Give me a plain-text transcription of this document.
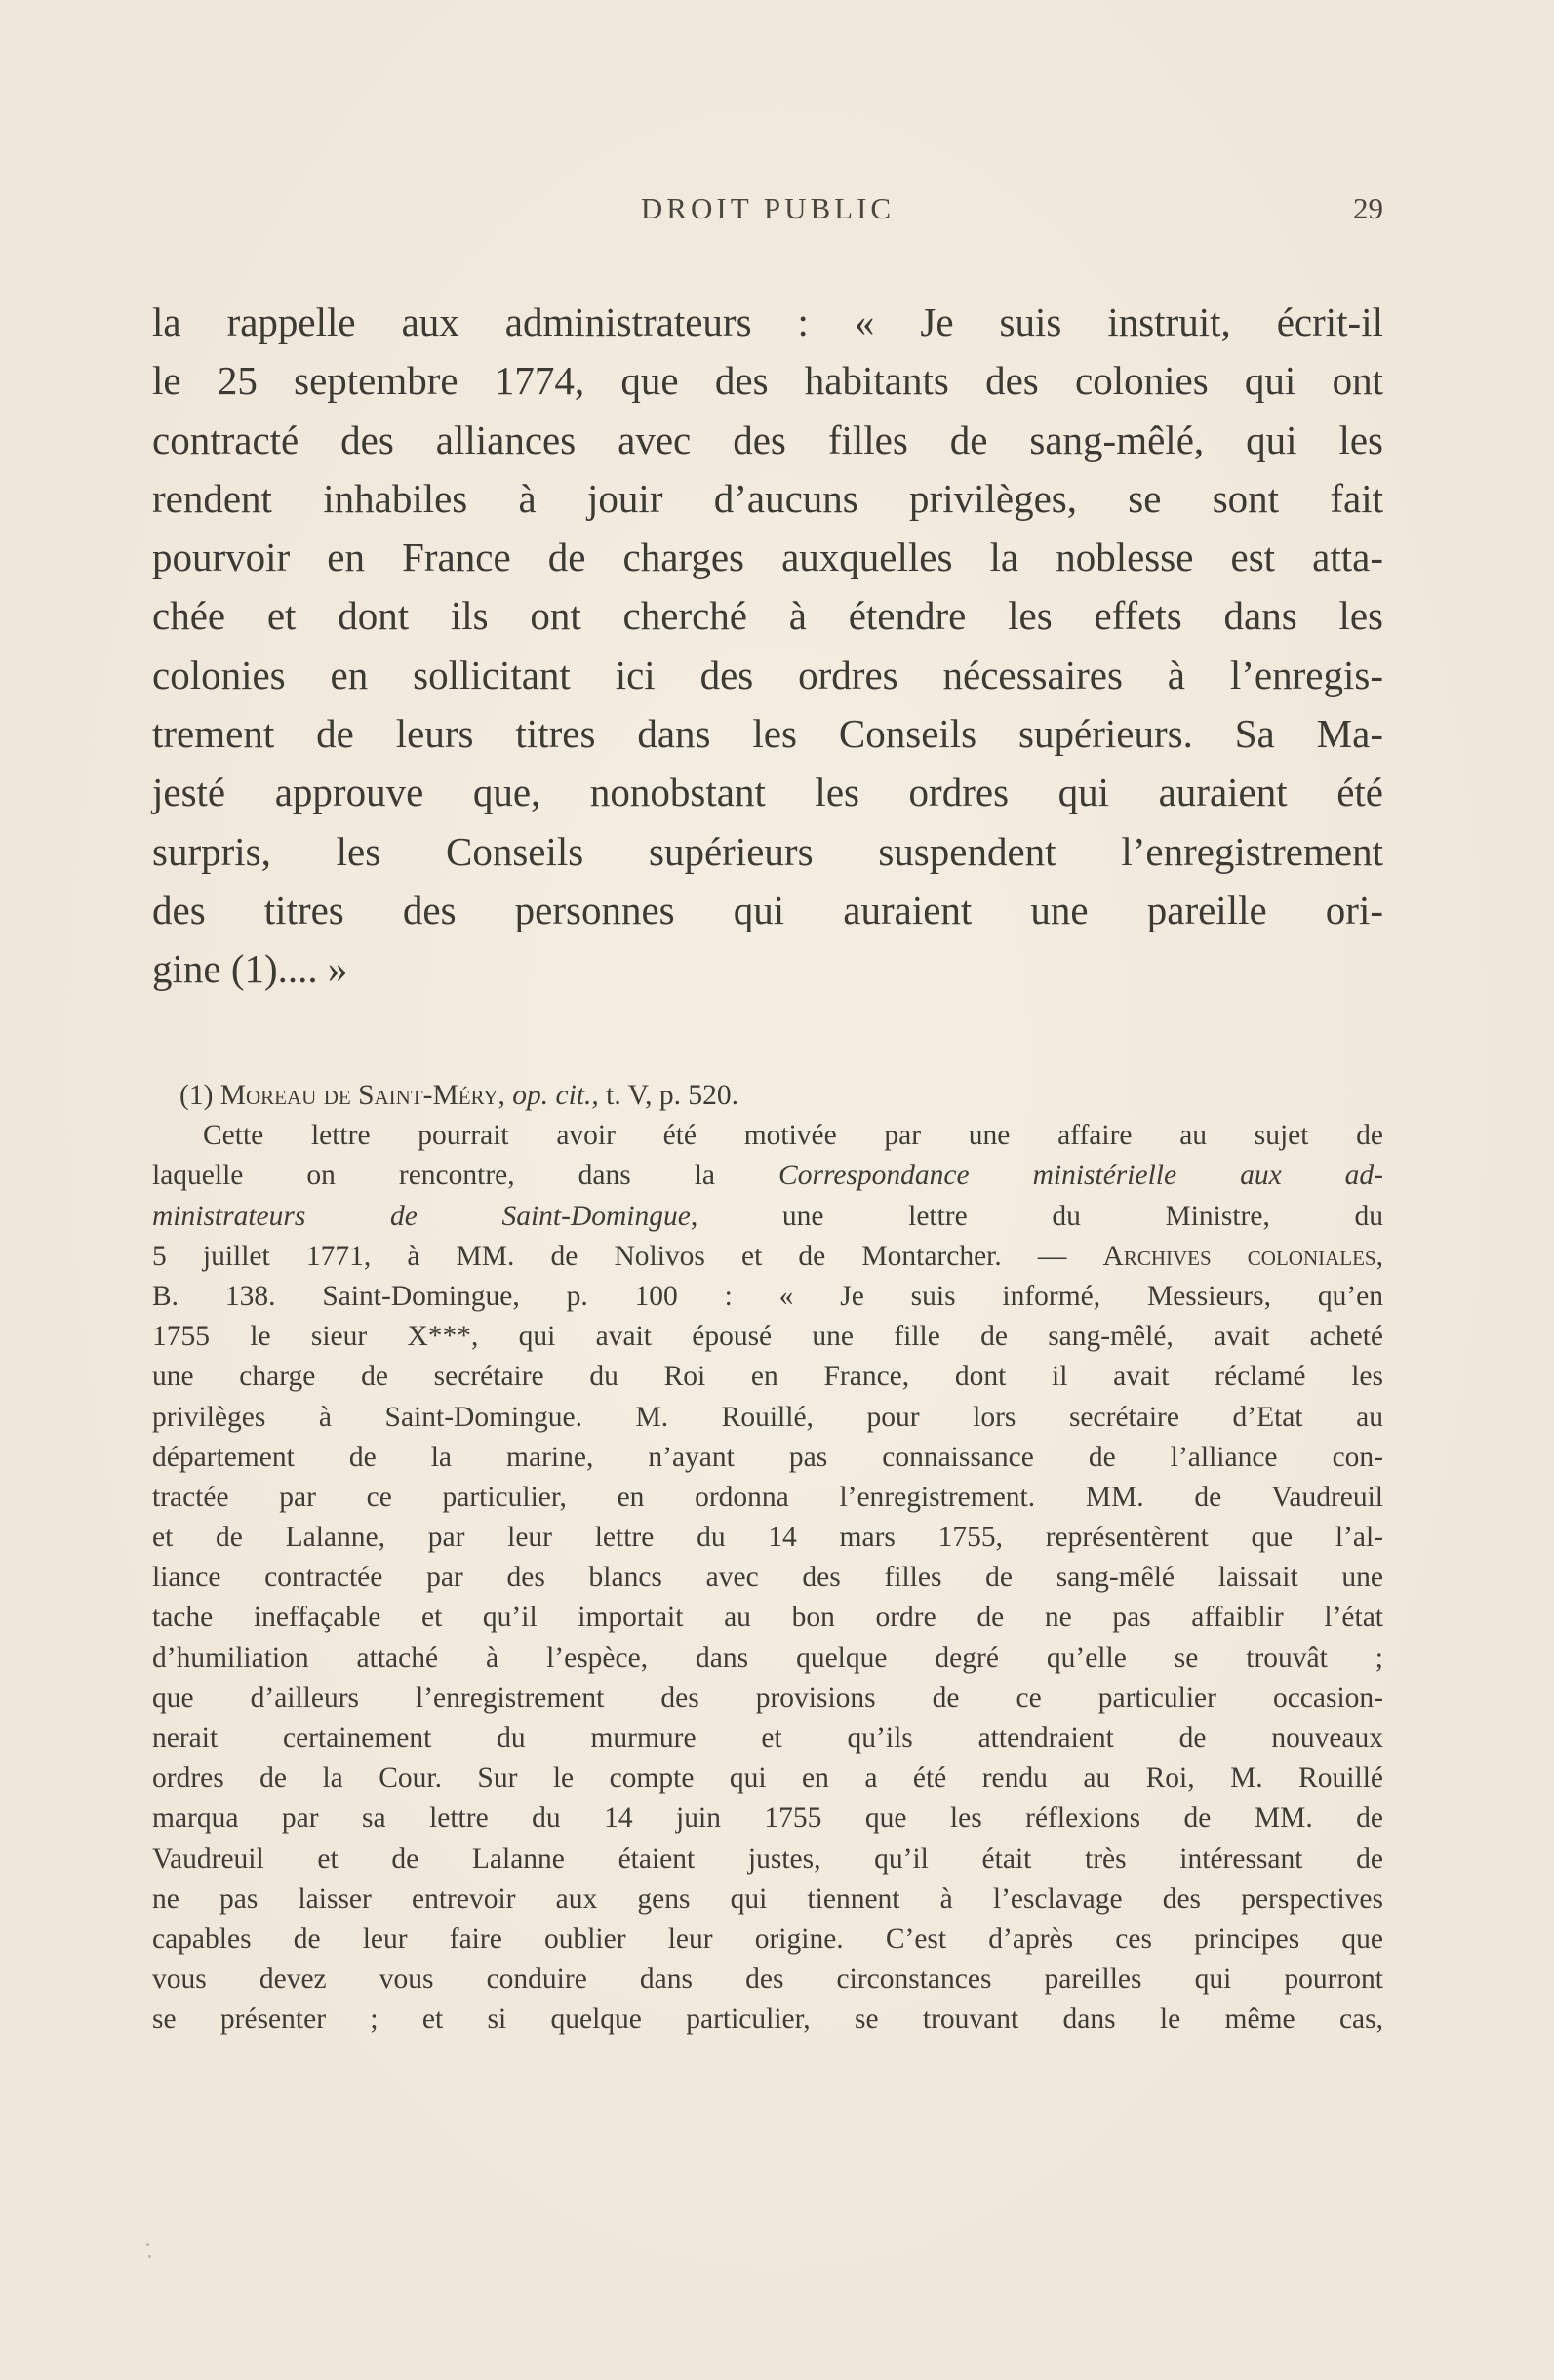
DROIT PUBLIC	29
la rappelle aux administrateurs : « Je suis instruit, écrit-il
le 25 septembre 1774, que des habitants des colonies qui ont
contracté des alliances avec des filles de sang-mêlé, qui les
rendent inhabiles à jouir d’aucuns privilèges, se sont fait
pourvoir en France de charges auxquelles la noblesse est atta-
chée et dont ils ont cherché à étendre les effets dans les
colonies en sollicitant ici des ordres nécessaires à l’enregis-
trement de leurs titres dans les Conseils supérieurs. Sa Ma-
jesté approuve que, nonobstant les ordres qui auraient été
surpris, les Conseils supérieurs suspendent l’enregistrement
des titres des personnes qui auraient une pareille ori-
gine (1).... »
(1) Moreau de Saint-Méry, op. cit., t. V, p. 520.
Cette lettre pourrait avoir été motivée par une affaire au sujet de
laquelle on rencontre, dans la Correspondance ministérielle aux ad-
ministrateurs de Saint-Domingue, une lettre du Ministre, du
5 juillet 1771, à MM. de Nolivos et de Montarcher. — Archives coloniales,
B. 138. Saint-Domingue, p. 100 : « Je suis informé, Messieurs, qu’en
1755 le sieur X***, qui avait épousé une fille de sang-mêlé, avait acheté
une charge de secrétaire du Roi en France, dont il avait réclamé les
privilèges à Saint-Domingue. M. Rouillé, pour lors secrétaire d’Etat au
département de la marine, n’ayant pas connaissance de l’alliance con-
tractée par ce particulier, en ordonna l’enregistrement. MM. de Vaudreuil
et de Lalanne, par leur lettre du 14 mars 1755, représentèrent que l’al-
liance contractée par des blancs avec des filles de sang-mêlé laissait une
tache ineffaçable et qu’il importait au bon ordre de ne pas affaiblir l’état
d’humiliation attaché à l’espèce, dans quelque degré qu’elle se trouvât ;
que d’ailleurs l’enregistrement des provisions de ce particulier occasion-
nerait certainement du murmure et qu’ils attendraient de nouveaux
ordres de la Cour. Sur le compte qui en a été rendu au Roi, M. Rouillé
marqua par sa lettre du 14 juin 1755 que les réflexions de MM. de
Vaudreuil et de Lalanne étaient justes, qu’il était très intéressant de
ne pas laisser entrevoir aux gens qui tiennent à l’esclavage des perspectives
capables de leur faire oublier leur origine. C’est d’après ces principes que
vous devez vous conduire dans des circonstances pareilles qui pourront
se présenter ; et si quelque particulier, se trouvant dans le même cas,
